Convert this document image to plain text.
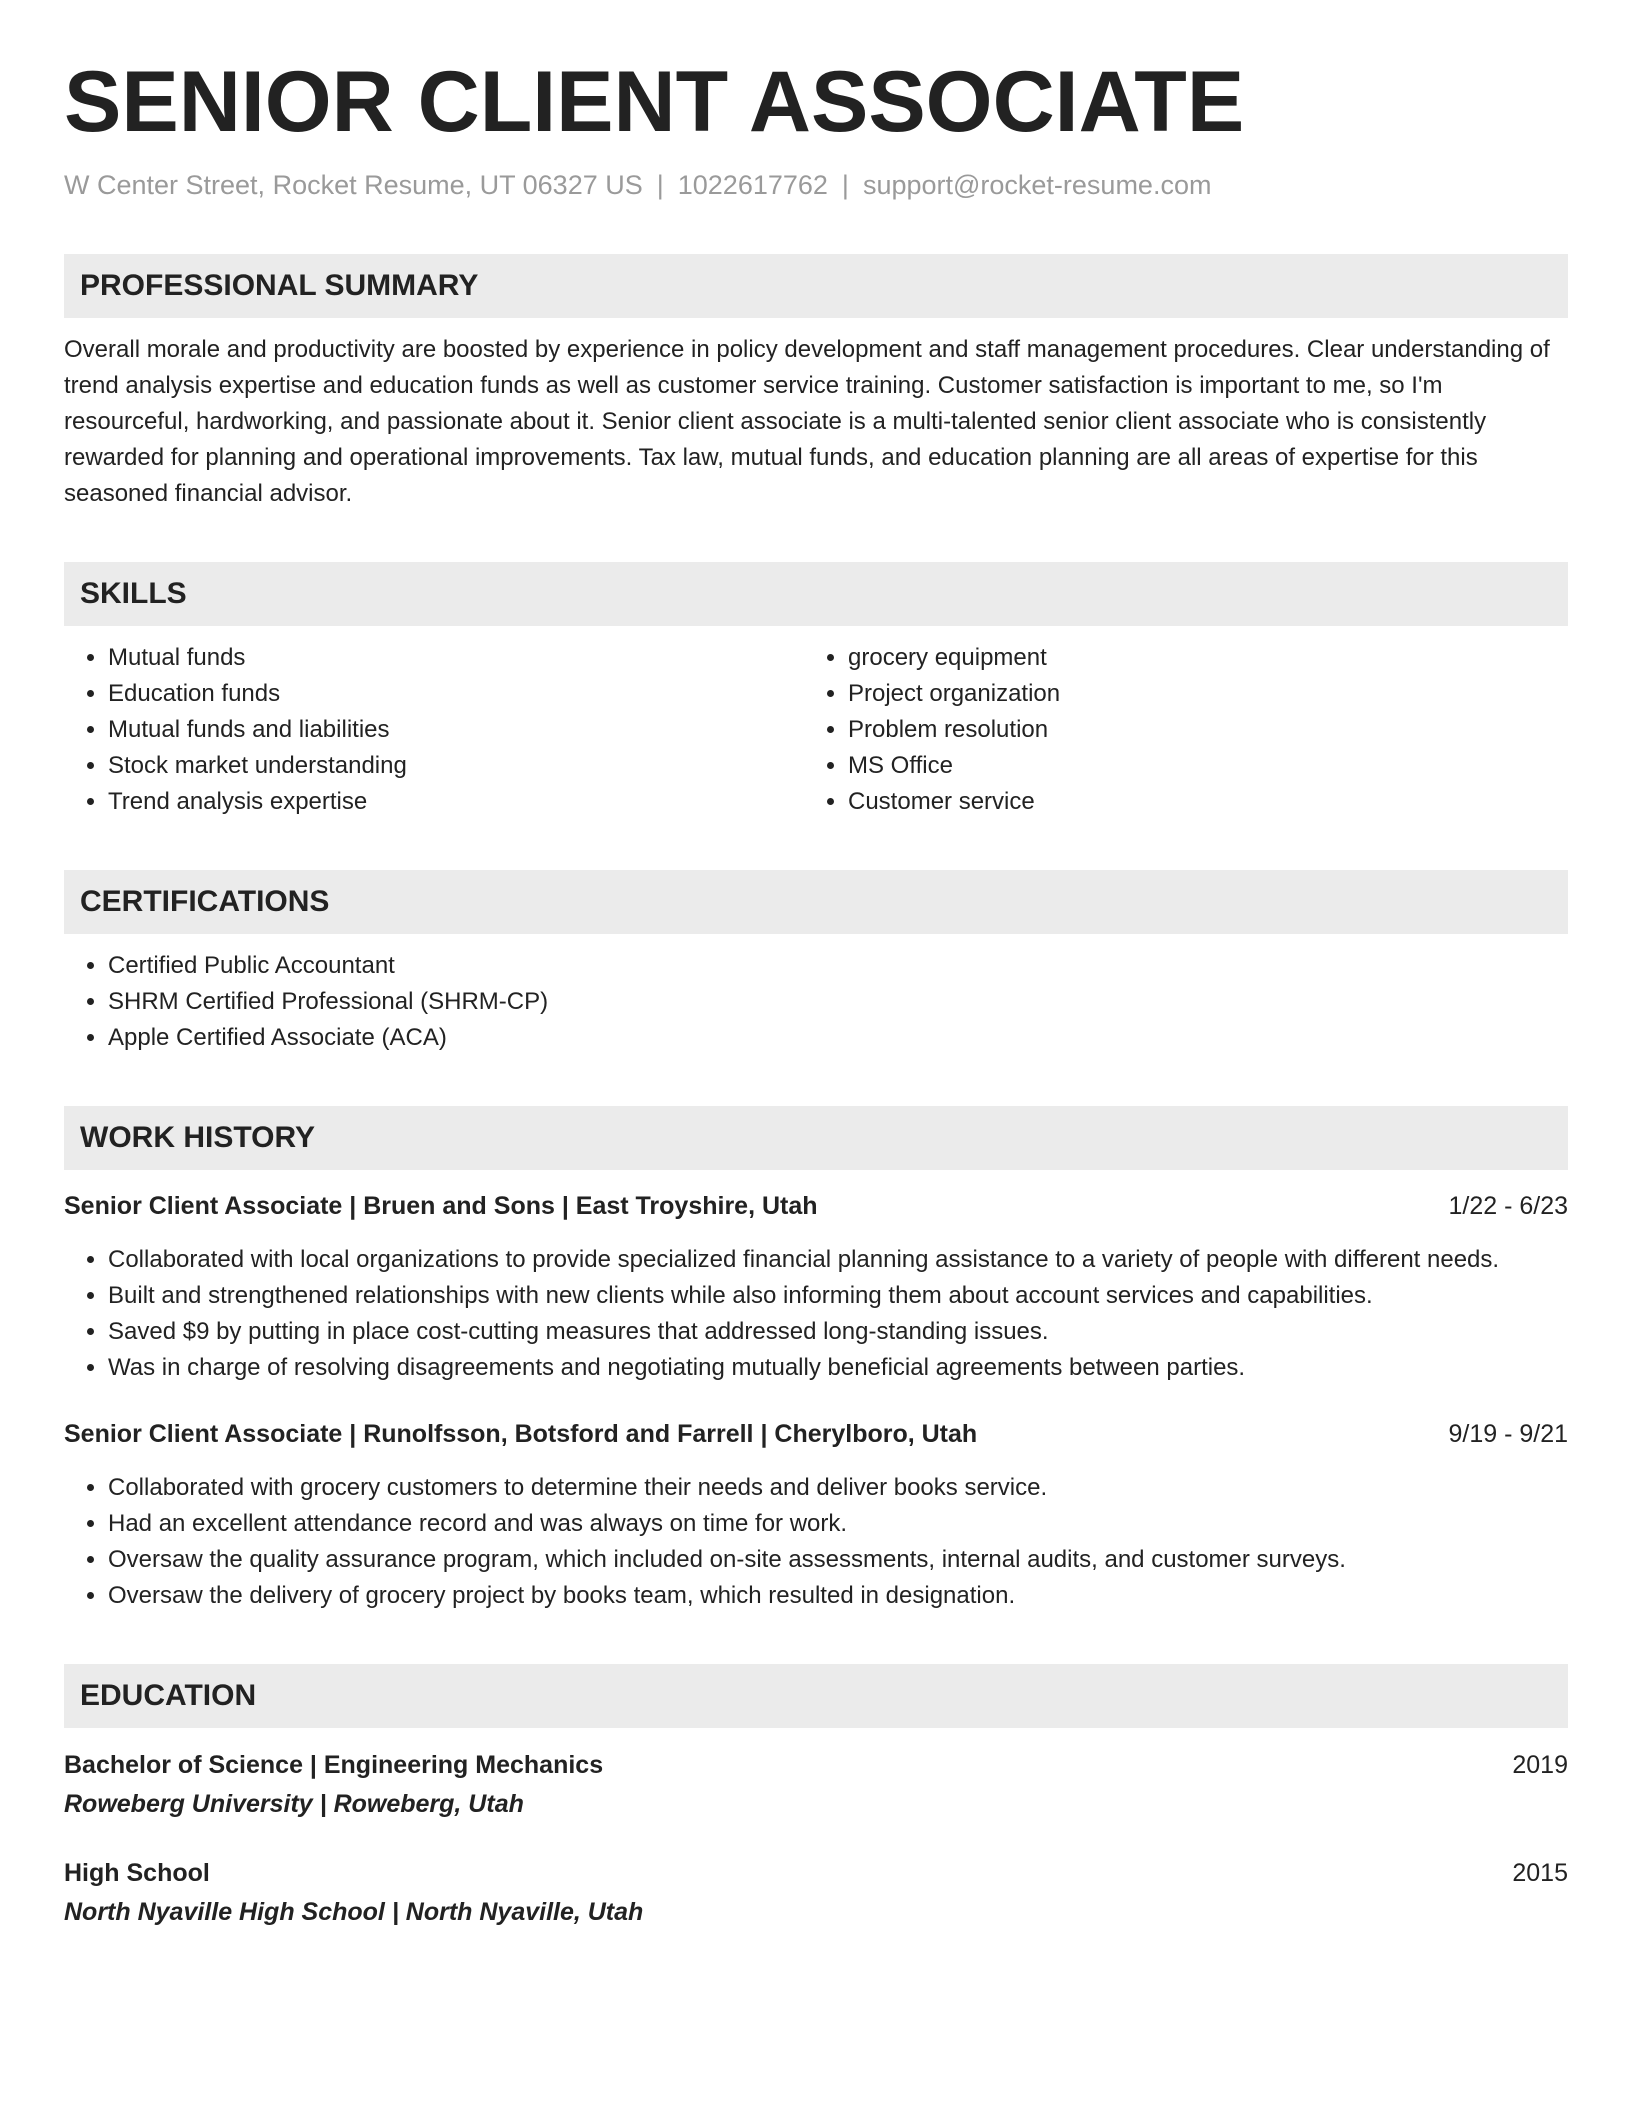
SENIOR CLIENT ASSOCIATE
W Center Street, Rocket Resume, UT 06327 US | 1022617762 | support@rocket-resume.com
PROFESSIONAL SUMMARY

Overall morale and productivity are boosted by experience in policy development and staff management procedures. Clear understanding of trend analysis expertise and education funds as well as customer service training. Customer satisfaction is important to me, so I'm resourceful, hardworking, and passionate about it. Senior client associate is a multi-talented senior client associate who is consistently rewarded for planning and operational improvements. Tax law, mutual funds, and education planning are all areas of expertise for this seasoned financial advisor.

SKILLS
• Mutual funds
• Education funds
• Mutual funds and liabilities
• Stock market understanding
• Trend analysis expertise
• grocery equipment
• Project organization
• Problem resolution
• MS Office
• Customer service
CERTIFICATIONS
• Certified Public Accountant
• SHRM Certified Professional (SHRM-CP)
• Apple Certified Associate (ACA)
WORK HISTORY
Senior Client Associate | Bruen and Sons | East Troyshire, Utah	1/22 - 6/23
• Collaborated with local organizations to provide specialized financial planning assistance to a variety of people with different needs.
• Built and strengthened relationships with new clients while also informing them about account services and capabilities.
• Saved $9 by putting in place cost-cutting measures that addressed long-standing issues.
• Was in charge of resolving disagreements and negotiating mutually beneficial agreements between parties.
Senior Client Associate | Runolfsson, Botsford and Farrell | Cherylboro, Utah	9/19 - 9/21
• Collaborated with grocery customers to determine their needs and deliver books service.
• Had an excellent attendance record and was always on time for work.
• Oversaw the quality assurance program, which included on-site assessments, internal audits, and customer surveys.
• Oversaw the delivery of grocery project by books team, which resulted in designation.
EDUCATION
Bachelor of Science | Engineering Mechanics	2019
Roweberg University | Roweberg, Utah
High School	2015
North Nyaville High School | North Nyaville, Utah
